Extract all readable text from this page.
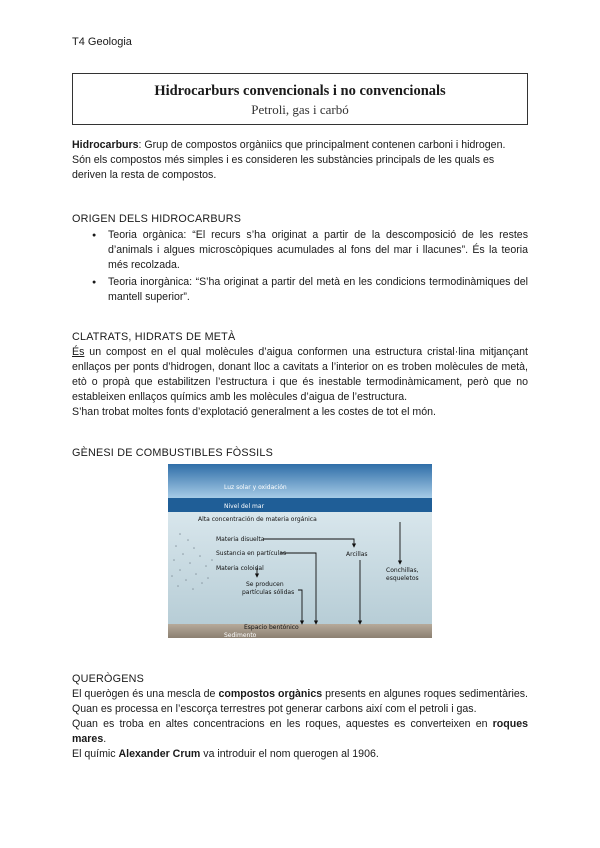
T4 Geologia
Hidrocarburs convencionals i no convencionals
Petroli, gas i carbó
Hidrocarburs: Grup de compostos orgàniics que principalment contenen carboni i hidrogen.
Són els compostos més simples i es consideren les substàncies principals de les quals es
deriven la resta de compostos.
ORIGEN DELS HIDROCARBURS
● Teoria orgànica: “El recurs s’ha originat a partir de la descomposició de les restes d’animals i algues microscòpiques acumulades al fons del mar i llacunes”. És la teoria més recolzada.
● Teoria inorgànica: “S’ha originat a partir del metà en les condicions termodinàmiques del mantell superior”.
CLATRATS, HIDRATS DE METÀ
És un compost en el qual molècules d’aigua conformen una estructura cristal·lina mitjançant enllaços per ponts d’hidrogen, donant lloc a cavitats a l’interior on es troben molècules de metà, etò o propà que estabilitzen l’estructura i que és inestable termodinàmicament, però que no estableixen enllaços químics amb les molècules d’aigua de l’estructura.
S’han trobat moltes fonts d’explotació generalment a les costes de tot el món.
GÈNESI DE COMBUSTIBLES FÒSSILS
Luz solar y oxidación
Nivel del mar
Alta concentración de materia orgánica
Materia disuelta
Sustancia en partículas
Materia coloidal
Se producen
partículas sólidas
Arcillas
Conchillas,
esqueletos
Espacio bentónico
Sedimento
QUERÒGENS
El querògen és una mescla de compostos orgànics presents en algunes roques sedimentàries. Quan es processa en l’escorça terrestres pot generar carbons així com el petroli i gas.
Quan es troba en altes concentracions en les roques, aquestes es converteixen en roques mares.
El químic Alexander Crum va introduir el nom querogen al 1906.
